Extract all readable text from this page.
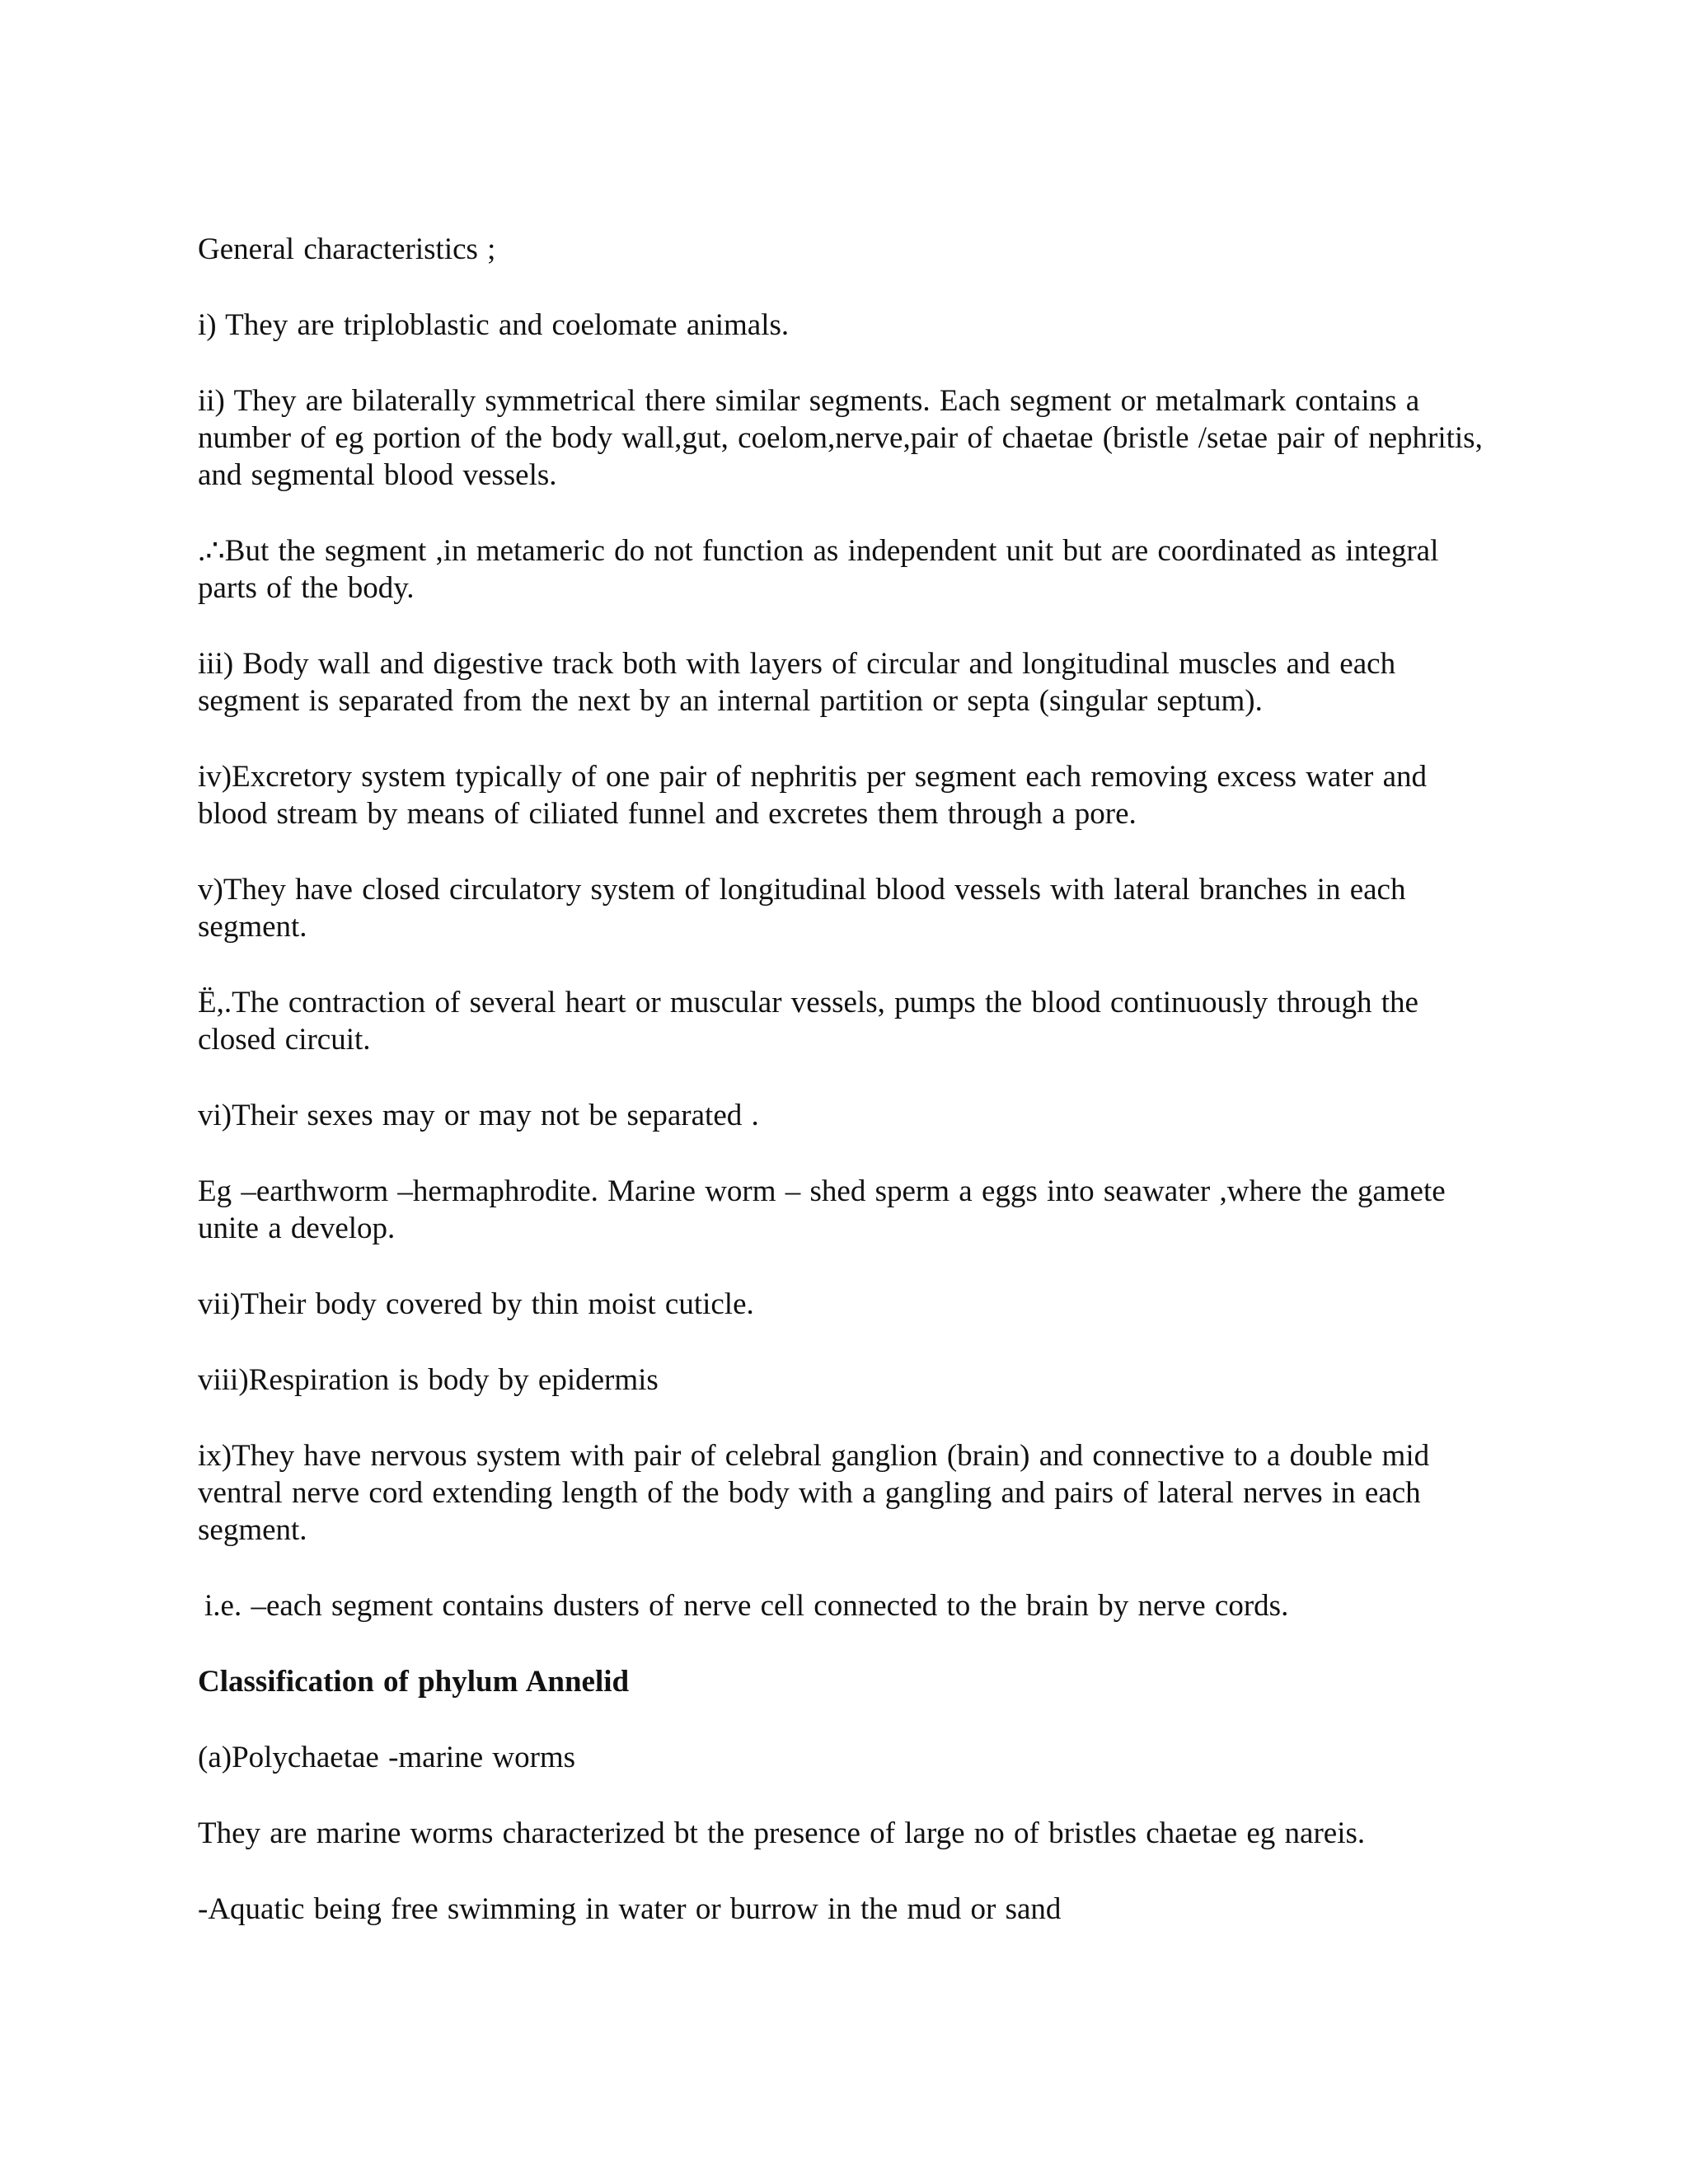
General characteristics ;

i) They are triploblastic and coelomate animals.

ii) They are bilaterally symmetrical there similar segments. Each segment or metalmark contains a number of eg portion of the body wall,gut, coelom,nerve,pair of chaetae (bristle /setae pair of nephritis, and segmental blood vessels.

.∴But the segment ,in metameric do not function as independent unit but are coordinated as integral parts of the body.

iii) Body wall and digestive track both with layers of circular and longitudinal muscles and each segment is separated from the next by an internal partition or septa (singular septum).

iv)Excretory system typically of one pair of nephritis per segment each removing excess water and blood stream by means of ciliated funnel and excretes them through a pore.

v)They have closed circulatory system of longitudinal blood vessels with lateral branches in each segment.

Ë,.The contraction of several heart or muscular vessels, pumps the blood continuously through the closed circuit.

vi)Their sexes may or may not be separated .

Eg –earthworm –hermaphrodite. Marine worm – shed sperm a eggs into seawater ,where the gamete unite a develop.

vii)Their body covered by thin moist cuticle.

viii)Respiration is body by epidermis

ix)They have nervous system with pair of celebral ganglion (brain) and connective to a double mid ventral nerve cord extending length of the body with a gangling and pairs of lateral nerves in each segment.

i.e. –each segment contains dusters of nerve cell connected to the brain by nerve cords.

Classification of phylum Annelid

(a)Polychaetae -marine worms

They are marine worms characterized bt the presence of large no of bristles chaetae eg nareis.

-Aquatic being free swimming in water or burrow in the mud or sand
